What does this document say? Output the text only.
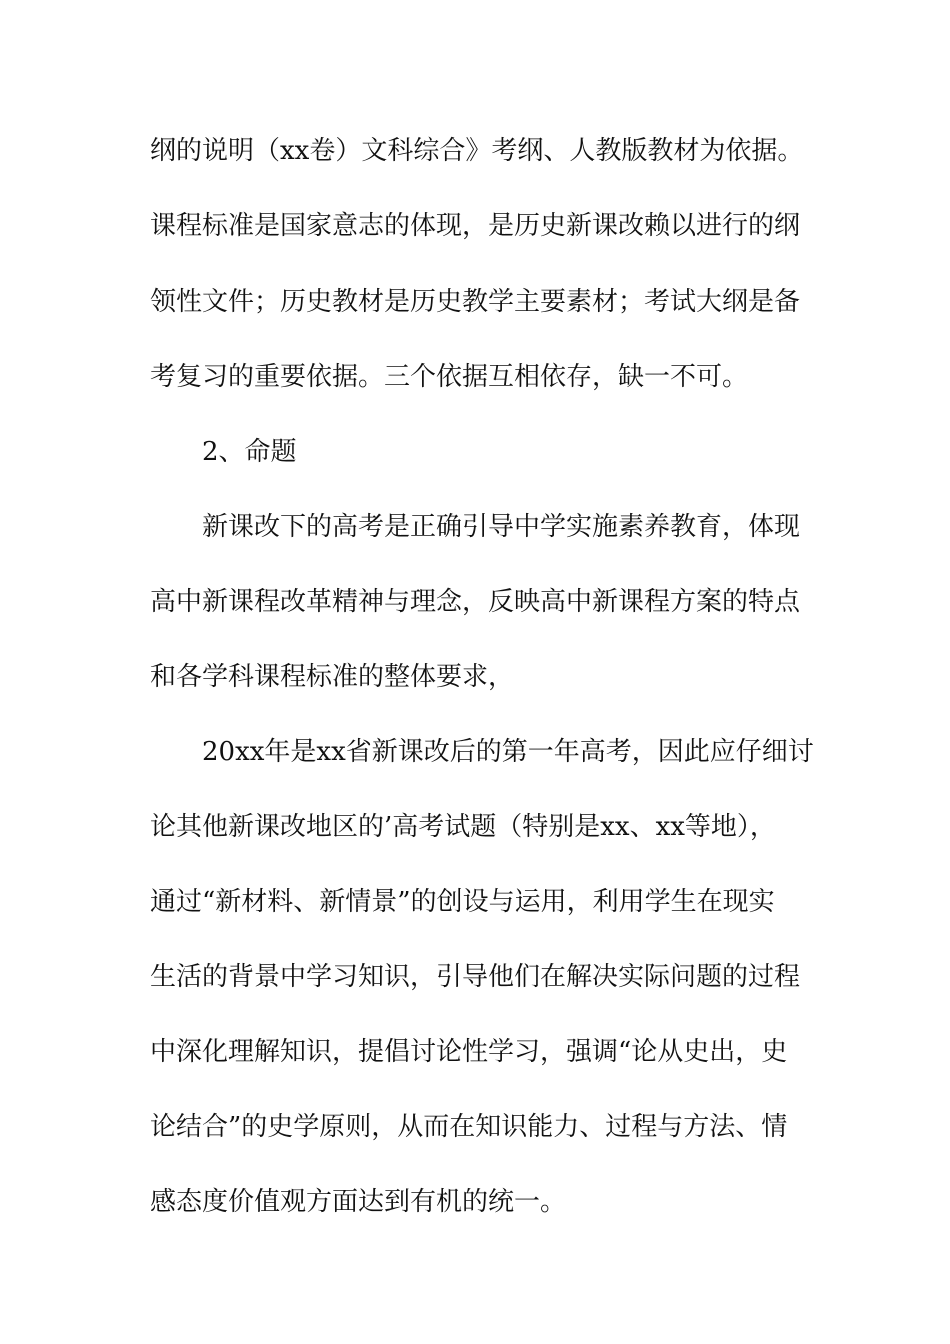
纲的说明（xx卷）文科综合》考纲、人教版教材为依据。
课程标准是国家意志的体现，是历史新课改赖以进行的纲
领性文件；历史教材是历史教学主要素材；考试大纲是备
考复习的重要依据。三个依据互相依存，缺一不可。
2、命题
新课改下的高考是正确引导中学实施素养教育，体现
高中新课程改革精神与理念，反映高中新课程方案的特点
和各学科课程标准的整体要求，
20xx年是xx省新课改后的第一年高考，因此应仔细讨
论其他新课改地区的’高考试题（特别是xx、xx等地），
通过“新材料、新情景”的创设与运用，利用学生在现实
生活的背景中学习知识，引导他们在解决实际问题的过程
中深化理解知识，提倡讨论性学习，强调“论从史出，史
论结合”的史学原则，从而在知识能力、过程与方法、情
感态度价值观方面达到有机的统一。
